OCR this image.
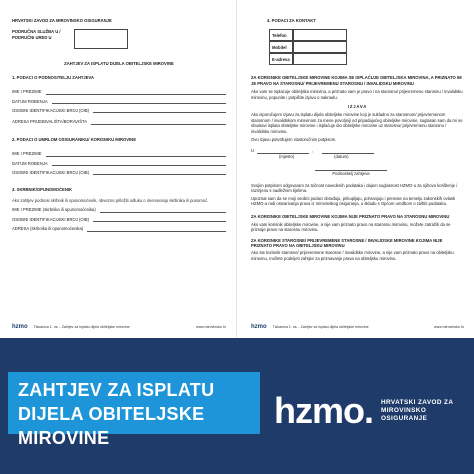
HRVATSKI ZAVOD ZA MIROVINSKO OSIGURANJE
PODRUČNA SLUŽBA U /
PODRUČNI URED U
ZAHTJEV ZA ISPLATU DIJELA OBITELJSKE MIROVINE
1. PODACI O PODNOSITELJU ZAHTJEVA
IME I PREZIME
DATUM ROĐENJA
OSOBNI IDENTIFIKACIJSKI BROJ (OIB)
ADRESA PRIJEBIVALIŠTA/BORAVIŠTA
2. PODACI O UMRLOM OSIGURANIKU/ KORISNIKU MIROVINE
IME I PREZIME
DATUM ROĐENJA
OSOBNI IDENTIFIKACIJSKI BROJ (OIB)
3. SKRBNIK/OPUNOMOĆENIK
Ako zahtjev podnosi skrbnik ili opunomoćenik, obvezno priložiti odluku o imenovanju skrbnika ili punomoć.
IME I PREZIME (skrbnika ili opunomoćenika)
OSOBNI IDENTIFIKACIJSKI BROJ (OIB)
ADRESA (skrbnika ili opunomoćenika)
hzmo Tiskanica 1. ns. - Zahtjev za isplatu dijela obiteljske mirovine	www.mirovinsko.hr
4. PODACI ZA KONTAKT
Telefon
Mobitel
E-adresa
ZA KORISNIKE OBITELJSKE MIROVINE KOJIMA SE ISPLAĆUJE OBITELJSKA MIROVINA, A PRIZNATO IM JE PRAVO NA STAROSNU/ PRIJEVREMENU STAROSNU / INVALIDSKU MIROVINU
Ako vam se isplaćuje obiteljska mirovina, a priznato vam je pravo i na starosnu/ prijevremenu starosnu / invalidsku mirovinu, popunite i potpišite izjavu o naknadu.
IZJAVA
Ako isporučujem izjavu za isplatu dijela obiteljske mirovine koji je sukladno za starosnom/ prijevremenom starosnom / invalidskom mirovinom za mene povoljniji od pripadajućeg obiteljske mirovine, suglasan sam da mi se obustavi isplata obiteljske mirovine i isplaćuje dio obiteljske mirovine uz starosnu/ prijevremenu starosnu / invalidsku mirovinu.
Ovu izjavu potvrđujem vlastoručnim potpisom.
U	,
(mjesto)	(datum)
Podnositelj zahtjeva
Svojim potpisom odgovaram za točnost navedenih podataka i dajem suglasnost HZMO-u za njihovo korištenje i razmjenu s nadležnim tijelima.
Upoznat sam da se moji osobni podaci obrađuju, prikupljaju, pohranjuju i prenose na temelju zakonskih ovlasti HZMO-a radi ostvarivanja prava iz mirovinskog osiguranja, u skladu s Općom uredbom o zaštiti podataka.
ZA KORISNIKE OBITELJSKE MIROVINE KOJIMA NIJE PRIZNATO PRAVO NA STAROSNU MIROVINU
Ako vam korisnik obiteljske mirovine, a nije vam priznato pravo na starosnu mirovinu, možete zatražiti da se priznaje pravo na starosnu mirovinu.
ZA KORISNIKE STAROSNE/ PRIJEVREMENE STAROSNE / INVALIDSKE MIROVINE KOJIMA NIJE PRIZNATO PRAVO NA OBITELJSKU MIROVINU
Ako ste korisnik starosne/ prijevremene starosne / invalidske mirovine, a nije vam priznato pravo na obiteljsku mirovinu, možete podnijeti zahtjev za priznavanje prava na obiteljsku mirovinu.
hzmo Tiskanica 1. ns. - Zahtjev za isplatu dijela obiteljske mirovine	www.mirovinsko.hr
ZAHTJEV ZA ISPLATU
DIJELA OBITELJSKE MIROVINE
hzmo. HRVATSKI ZAVOD ZA
MIROVINSKO OSIGURANJE
